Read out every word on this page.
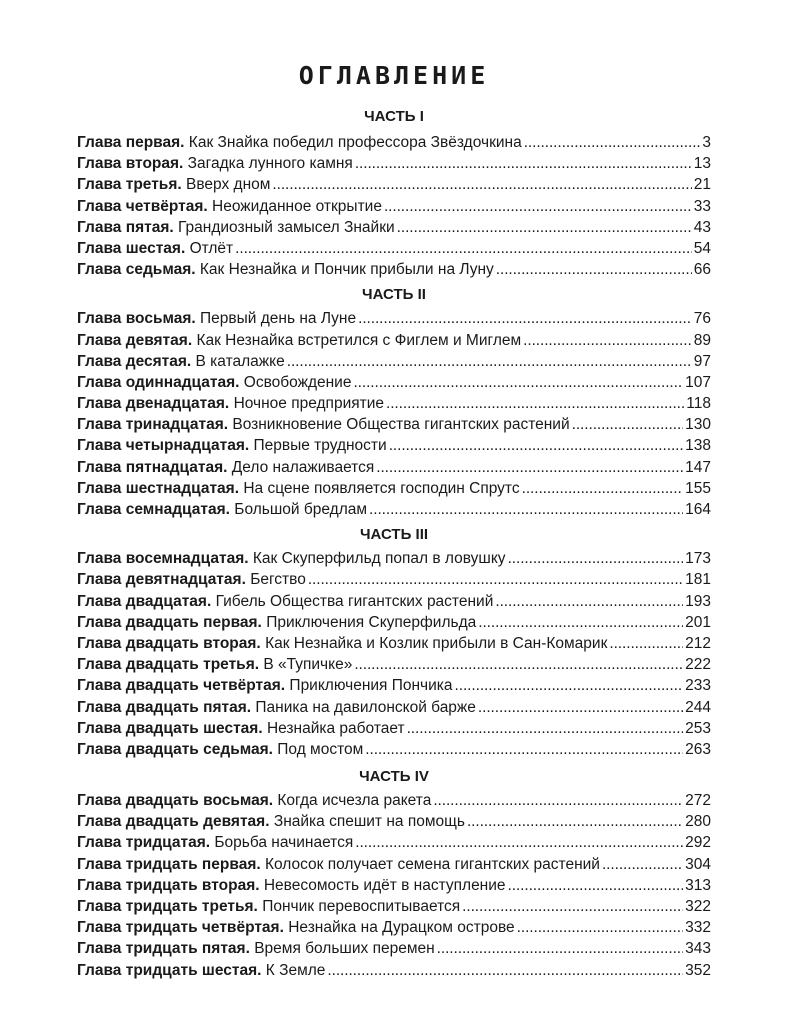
ОГЛАВЛЕНИЕ
ЧАСТЬ I
Глава первая. Как Знайка победил профессора Звёздочкина . . .	3
Глава вторая. Загадка лунного камня . . .	13
Глава третья. Вверх дном . . .	21
Глава четвёртая. Неожиданное открытие . . .	33
Глава пятая. Грандиозный замысел Знайки . . .	43
Глава шестая. Отлёт . . .	54
Глава седьмая. Как Незнайка и Пончик прибыли на Луну . . .	66
ЧАСТЬ II
Глава восьмая. Первый день на Луне . . .	76
Глава девятая. Как Незнайка встретился с Фиглем и Миглем . . .	89
Глава десятая. В каталажке . . .	97
Глава одиннадцатая. Освобождение . . .	107
Глава двенадцатая. Ночное предприятие . . .	118
Глава тринадцатая. Возникновение Общества гигантских растений . . .	130
Глава четырнадцатая. Первые трудности . . .	138
Глава пятнадцатая. Дело налаживается . . .	147
Глава шестнадцатая. На сцене появляется господин Спрутс . . .	155
Глава семнадцатая. Большой бредлам . . .	164
ЧАСТЬ III
Глава восемнадцатая. Как Скуперфильд попал в ловушку . . .	173
Глава девятнадцатая. Бегство . . .	181
Глава двадцатая. Гибель Общества гигантских растений . . .	193
Глава двадцать первая. Приключения Скуперфильда . . .	201
Глава двадцать вторая. Как Незнайка и Козлик прибыли в Сан-Комарик . . .	212
Глава двадцать третья. В «Тупичке» . . .	222
Глава двадцать четвёртая. Приключения Пончика . . .	233
Глава двадцать пятая. Паника на давилонской барже . . .	244
Глава двадцать шестая. Незнайка работает . . .	253
Глава двадцать седьмая. Под мостом . . .	263
ЧАСТЬ IV
Глава двадцать восьмая. Когда исчезла ракета . . .	272
Глава двадцать девятая. Знайка спешит на помощь . . .	280
Глава тридцатая. Борьба начинается . . .	292
Глава тридцать первая. Колосок получает семена гигантских растений . . .	304
Глава тридцать вторая. Невесомость идёт в наступление . . .	313
Глава тридцать третья. Пончик перевоспитывается . . .	322
Глава тридцать четвёртая. Незнайка на Дурацком острове . . .	332
Глава тридцать пятая. Время больших перемен . . .	343
Глава тридцать шестая. К Земле . . .	352
